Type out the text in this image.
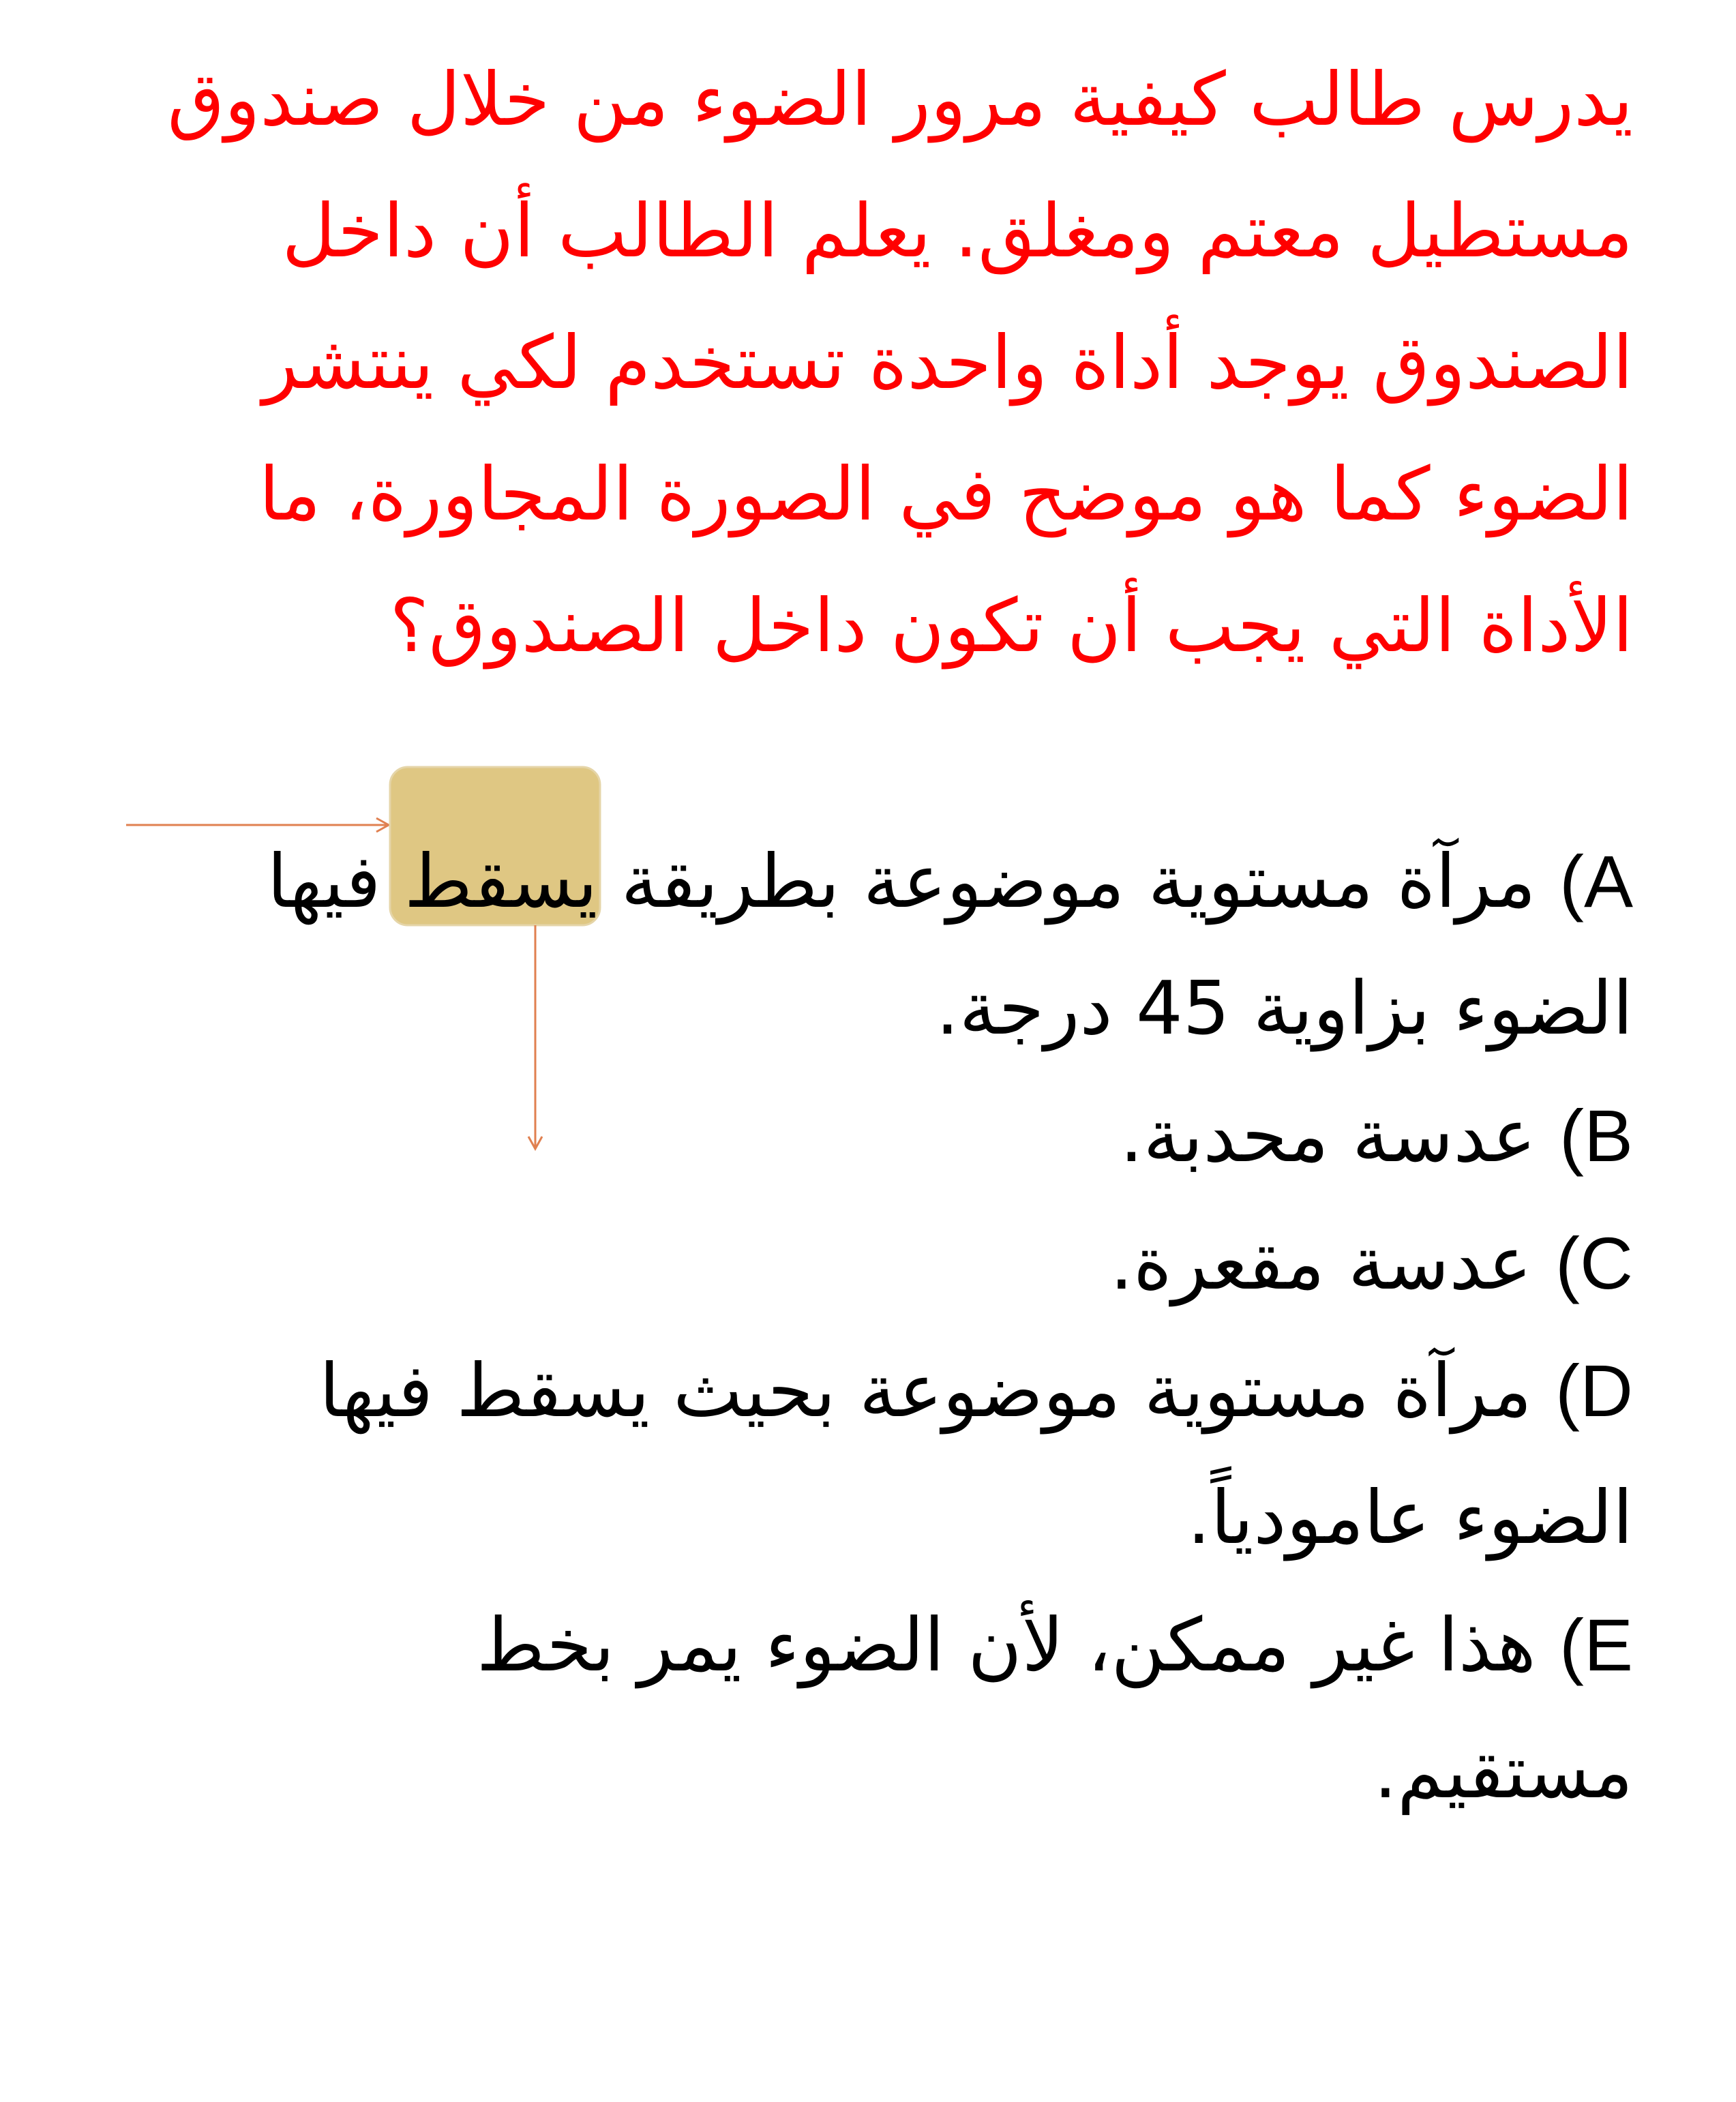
يدرس طالب كيفية مرور الضوء من خلال صندوق مستطيل معتم ومغلق. يعلم الطالب أن داخل الصندوق يوجد أداة واحدة تستخدم لكي ينتشر الضوء كما هو موضح في الصورة المجاورة، ما الأداة التي يجب أن تكون داخل الصندوق؟

A) مرآة مستوية موضوعة بطريقة يسقط فيها الضوء بزاوية 45 درجة.

B) عدسة محدبة.

C) عدسة مقعرة.

D) مرآة مستوية موضوعة بحيث يسقط فيها الضوء عامودياً.

E) هذا غير ممكن، لأن الضوء يمر بخط مستقيم.
